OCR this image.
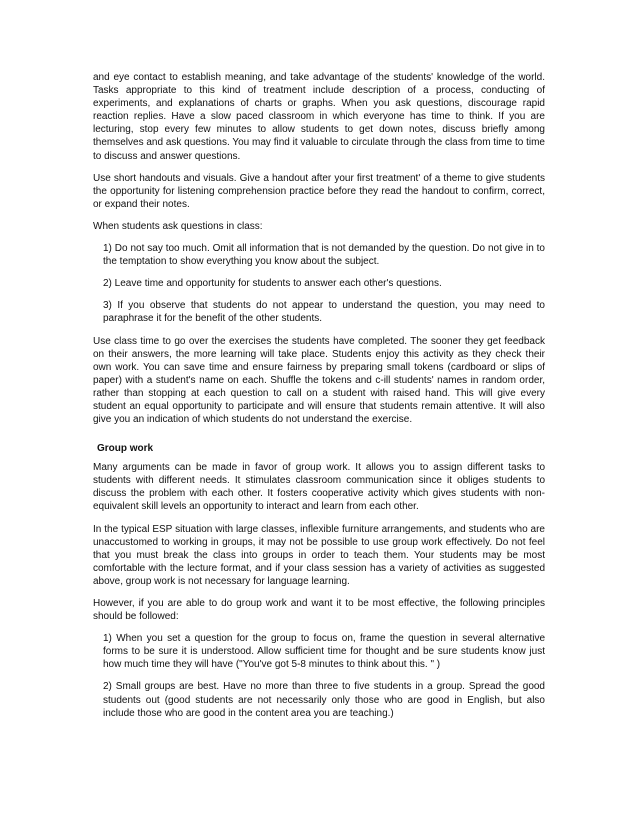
and eye contact to establish meaning, and take advantage of the students' knowledge of the world. Tasks appropriate to this kind of treatment include description of a process, conducting of experiments, and explanations of charts or graphs. When you ask questions, discourage rapid reaction replies. Have a slow paced classroom in which everyone has time to think. If you are lecturing, stop every few minutes to allow students to get down notes, discuss briefly among themselves and ask questions. You may find it valuable to circulate through the class from time to time to discuss and answer questions.

Use short handouts and visuals. Give a handout after your first treatment' of a theme to give students the opportunity for listening comprehension practice before they read the handout to confirm, correct, or expand their notes.

When students ask questions in class:

1) Do not say too much. Omit all information that is not demanded by the question. Do not give in to the temptation to show everything you know about the subject.

2) Leave time and opportunity for students to answer each other's questions.

3) If you observe that students do not appear to understand the question, you may need to paraphrase it for the benefit of the other students.

Use class time to go over the exercises the students have completed. The sooner they get feedback on their answers, the more learning will take place. Students enjoy this activity as they check their own work. You can save time and ensure fairness by preparing small tokens (cardboard or slips of paper) with a student's name on each. Shuffle the tokens and c-ill students' names in random order, rather than stopping at each question to call on a student with raised hand. This will give every student an equal opportunity to participate and will ensure that students remain attentive. It will also give you an indication of which students do not understand the exercise.

Group work

Many arguments can be made in favor of group work. It allows you to assign different tasks to students with different needs. It stimulates classroom communication since it obliges students to discuss the problem with each other. It fosters cooperative activity which gives students with non-equivalent skill levels an opportunity to interact and learn from each other.

In the typical ESP situation with large classes, inflexible furniture arrangements, and students who are unaccustomed to working in groups, it may not be possible to use group work effectively. Do not feel that you must break the class into groups in order to teach them. Your students may be most comfortable with the lecture format, and if your class session has a variety of activities as suggested above, group work is not necessary for language learning.

However, if you are able to do group work and want it to be most effective, the following principles should be followed:

1) When you set a question for the group to focus on, frame the question in several alternative forms to be sure it is understood. Allow sufficient time for thought and be sure students know just how much time they will have ("You've got 5-8 minutes to think about this. " )

2) Small groups are best. Have no more than three to five students in a group. Spread the good students out (good students are not necessarily only those who are good in English, but also include those who are good in the content area you are teaching.)
